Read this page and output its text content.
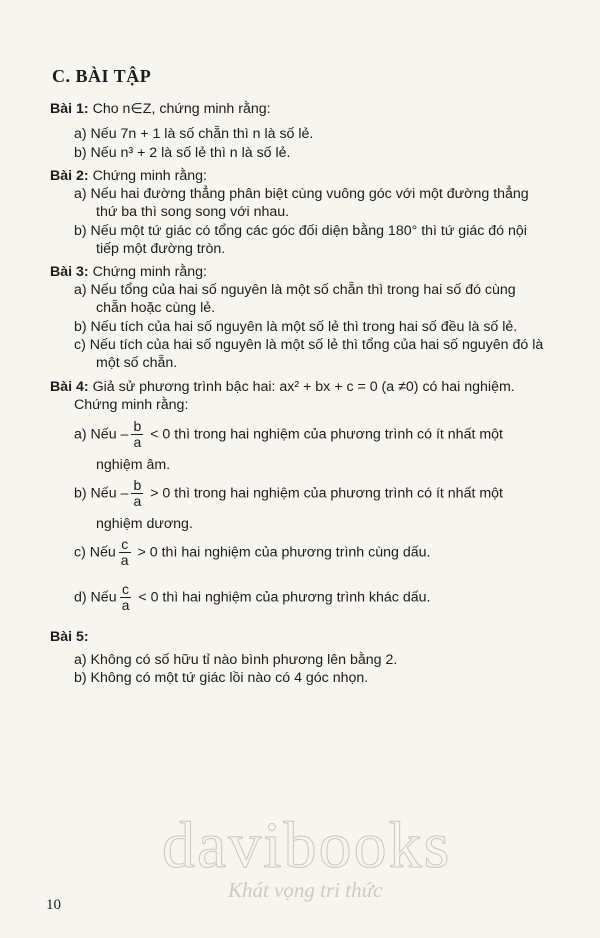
C. BÀI TẬP
Bài 1: Cho n∈Z, chứng minh rằng:
a) Nếu 7n + 1 là số chẵn thì n là số lẻ.
b) Nếu n³ + 2 là số lẻ thì n là số lẻ.
Bài 2: Chứng minh rằng:
a) Nếu hai đường thẳng phân biệt cùng vuông góc với một đường thẳng
thứ ba thì song song với nhau.
b) Nếu một tứ giác có tổng các góc đối diện bằng 180° thì tứ giác đó nội
tiếp một đường tròn.
Bài 3: Chứng minh rằng:
a) Nếu tổng của hai số nguyên là một số chẵn thì trong hai số đó cùng
chẵn hoặc cùng lẻ.
b) Nếu tích của hai số nguyên là một số lẻ thì trong hai số đều là số lẻ.
c) Nếu tích của hai số nguyên là một số lẻ thì tổng của hai số nguyên đó là
một số chẵn.
Bài 4: Giả sử phương trình bậc hai: ax² + bx + c = 0 (a ≠0) có hai nghiệm.
Chứng minh rằng:
a) Nếu – $\frac{b}{a} < 0$ thì trong hai nghiệm của phương trình có ít nhất một
nghiệm âm.
b) Nếu – $\frac{b}{a} > 0$ thì trong hai nghiệm của phương trình có ít nhất một
nghiệm dương.
c) Nếu $\frac{c}{a} > 0$ thì hai nghiệm của phương trình cùng dấu.
d) Nếu $\frac{c}{a} < 0$ thì hai nghiệm của phương trình khác dấu.
Bài 5:
a) Không có số hữu tỉ nào bình phương lên bằng 2.
b) Không có một tứ giác lồi nào có 4 góc nhọn.
davibooks
Khát vọng tri thức
10
